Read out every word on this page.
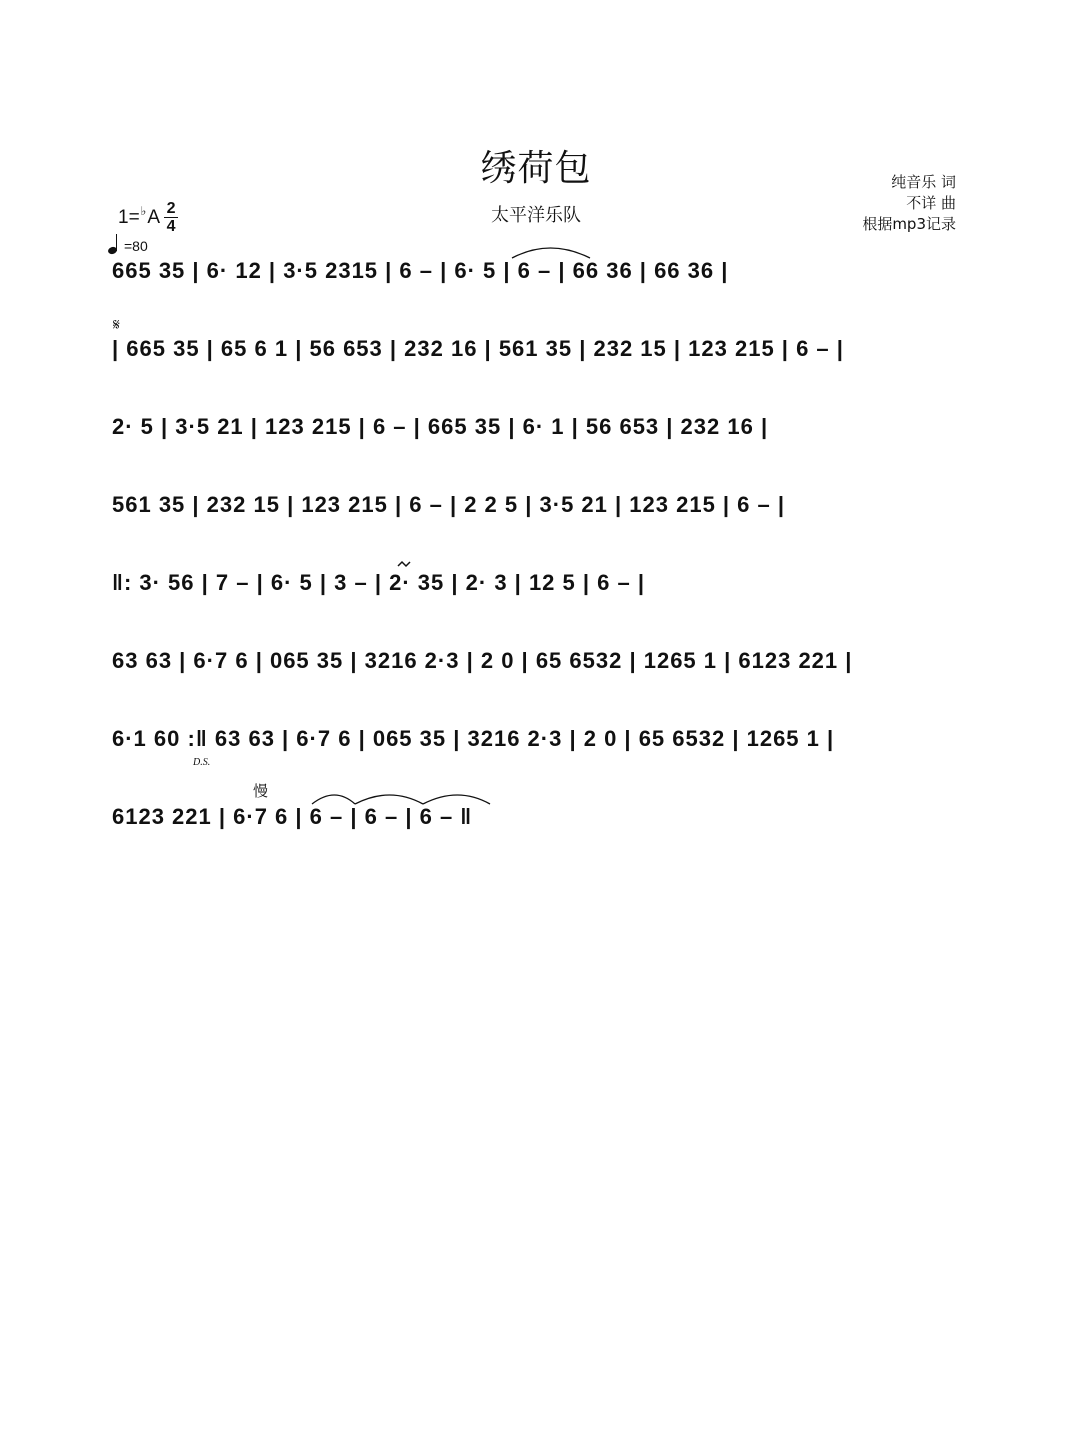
绣荷包
太平洋乐队
纯音乐 词
不详 曲
根据mp3记录
1= ♭ A 2
4
=80
𝄋
D.S.
慢
665 35 | 6· 12 | 3·5 2315 | 6 – | 6· 5 | 6 – | 66 36 | 66 36 |
| 665 35 | 65 6 1 | 56 653 | 232 16 | 561 35 | 232 15 | 123 215 | 6 – |
2· 5 | 3·5 21 | 123 215 | 6 – | 665 35 | 6· 1 | 56 653 | 232 16 |
561 35 | 232 15 | 123 215 | 6 – | 2 2 5 | 3·5 21 | 123 215 | 6 – |
‖: 3· 56 | 7 – | 6· 5 | 3 – | 2· 35 | 2· 3 | 12 5 | 6 – |
63 63 | 6·7 6 | 065 35 | 3216 2·3 | 2 0 | 65 6532 | 1265 1 | 6123 221 |
6·1 60 :‖ 63 63 | 6·7 6 | 065 35 | 3216 2·3 | 2 0 | 65 6532 | 1265 1 |
6123 221 | 6·7 6 | 6 – | 6 – | 6 – ‖
